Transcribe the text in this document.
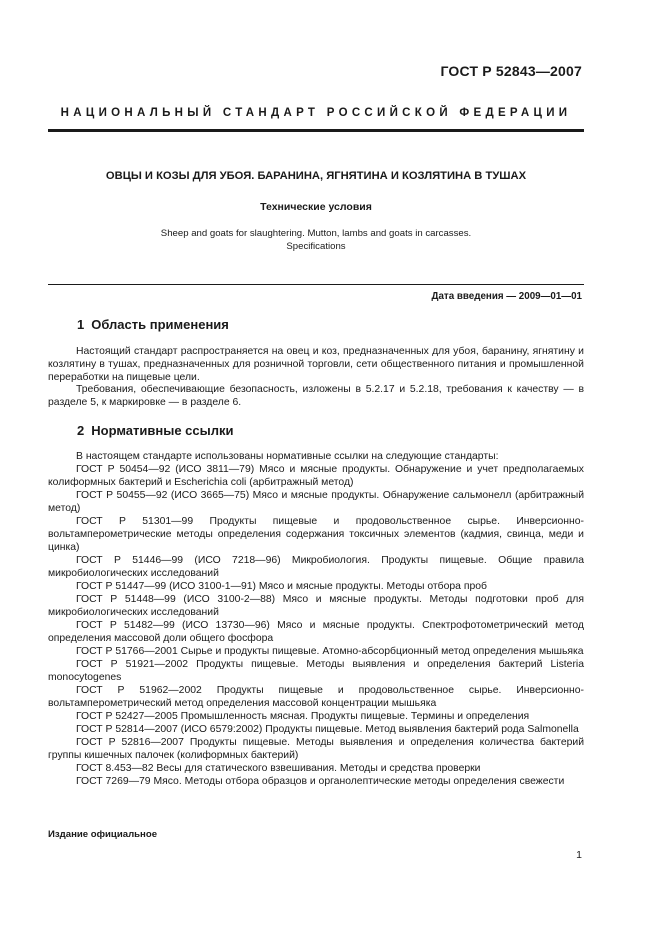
ГОСТ Р 52843—2007
НАЦИОНАЛЬНЫЙ СТАНДАРТ РОССИЙСКОЙ ФЕДЕРАЦИИ
ОВЦЫ И КОЗЫ ДЛЯ УБОЯ. БАРАНИНА, ЯГНЯТИНА И КОЗЛЯТИНА В ТУШАХ
Технические условия
Sheep and goats for slaughtering. Mutton, lambs and goats in carcasses.
Specifications
Дата введения — 2009—01—01
1 Область применения

Настоящий стандарт распространяется на овец и коз, предназначенных для убоя, баранину, ягнятину и козлятину в тушах, предназначенных для розничной торговли, сети общественного питания и промышленной переработки на пищевые цели.

Требования, обеспечивающие безопасность, изложены в 5.2.17 и 5.2.18, требования к качеству — в разделе 5, к маркировке — в разделе 6.

2 Нормативные ссылки

В настоящем стандарте использованы нормативные ссылки на следующие стандарты:

ГОСТ Р 50454—92 (ИСО 3811—79) Мясо и мясные продукты. Обнаружение и учет предполагаемых колиформных бактерий и Escherichia coli (арбитражный метод)

ГОСТ Р 50455—92 (ИСО 3665—75) Мясо и мясные продукты. Обнаружение сальмонелл (арбитражный метод)

ГОСТ Р 51301—99 Продукты пищевые и продовольственное сырье. Инверсионно-вольтамперометрические методы определения содержания токсичных элементов (кадмия, свинца, меди и цинка)

ГОСТ Р 51446—99 (ИСО 7218—96) Микробиология. Продукты пищевые. Общие правила микробиологических исследований

ГОСТ Р 51447—99 (ИСО 3100-1—91) Мясо и мясные продукты. Методы отбора проб

ГОСТ Р 51448—99 (ИСО 3100-2—88) Мясо и мясные продукты. Методы подготовки проб для микробиологических исследований

ГОСТ Р 51482—99 (ИСО 13730—96) Мясо и мясные продукты. Спектрофотометрический метод определения массовой доли общего фосфора

ГОСТ Р 51766—2001 Сырье и продукты пищевые. Атомно-абсорбционный метод определения мышьяка

ГОСТ Р 51921—2002 Продукты пищевые. Методы выявления и определения бактерий Listeria monocytogenes

ГОСТ Р 51962—2002 Продукты пищевые и продовольственное сырье. Инверсионно-вольтамперометрический метод определения массовой концентрации мышьяка

ГОСТ Р 52427—2005 Промышленность мясная. Продукты пищевые. Термины и определения

ГОСТ Р 52814—2007 (ИСО 6579:2002) Продукты пищевые. Метод выявления бактерий рода Salmonella

ГОСТ Р 52816—2007 Продукты пищевые. Методы выявления и определения количества бактерий группы кишечных палочек (колиформных бактерий)

ГОСТ 8.453—82 Весы для статического взвешивания. Методы и средства проверки

ГОСТ 7269—79 Мясо. Методы отбора образцов и органолептические методы определения свежести

Издание официальное
1
